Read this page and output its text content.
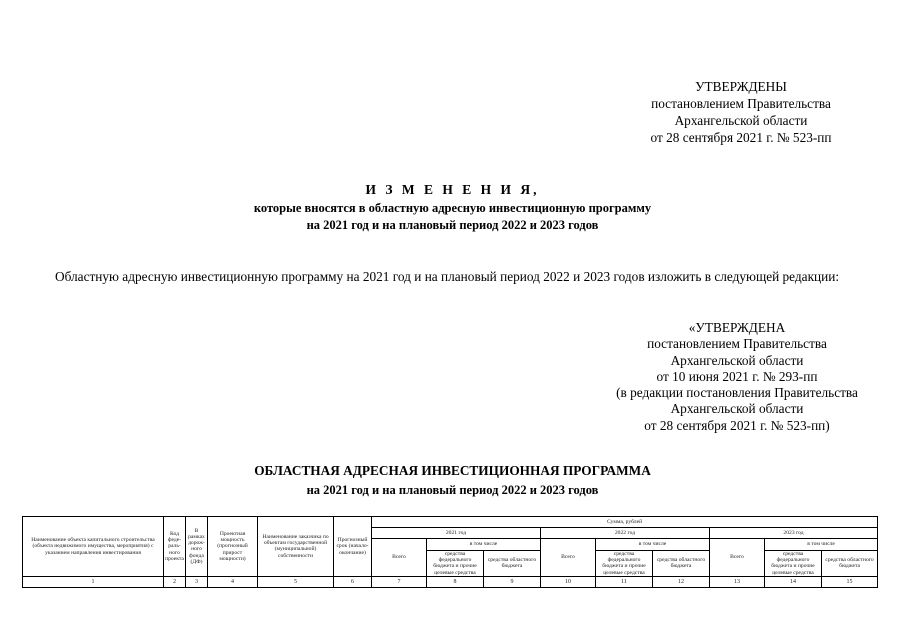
УТВЕРЖДЕНЫ
постановлением Правительства
Архангельской области
от 28 сентября 2021 г. № 523-пп
И З М Е Н Е Н И Я,
которые вносятся в областную адресную инвестиционную программу
на 2021 год и на плановый период 2022 и 2023 годов
Областную адресную инвестиционную программу на 2021 год и на плановый период 2022 и 2023 годов изложить в следующей редакции:
«УТВЕРЖДЕНА
постановлением Правительства
Архангельской области
от 10 июня 2021 г. № 293-пп
(в редакции постановления Правительства
Архангельской области
от 28 сентября 2021 г. № 523-пп)
ОБЛАСТНАЯ АДРЕСНАЯ ИНВЕСТИЦИОННАЯ ПРОГРАММА
на 2021 год и на плановый период 2022 и 2023 годов
Наименование объекта капитального строительства (объекта недвижимого имущества, мероприятия) с указанием направления инвестирования	Код феде-раль-ного проекта	В рамках дорож-ного фонда (ДФ)	Проектная мощность (прогнозный прирост мощности)	Наименование заказчика по объектам государственной (муниципальной) собственности	Прогнозный срок (начало-окончание)	Сумма, рублей								
						2021 год			2022 год			2023 год		
						Всего	в том числе		Всего	в том числе		Всего	в том числе	
							средства федерального бюджета и прочие целевые средства	средства областного бюджета		средства федерального бюджета и прочие целевые средства	средства областного бюджета		средства федерального бюджета и прочие целевые средства	средства областного бюджета
1	2	3	4	5	6	7	8	9	10	11	12	13	14	15
